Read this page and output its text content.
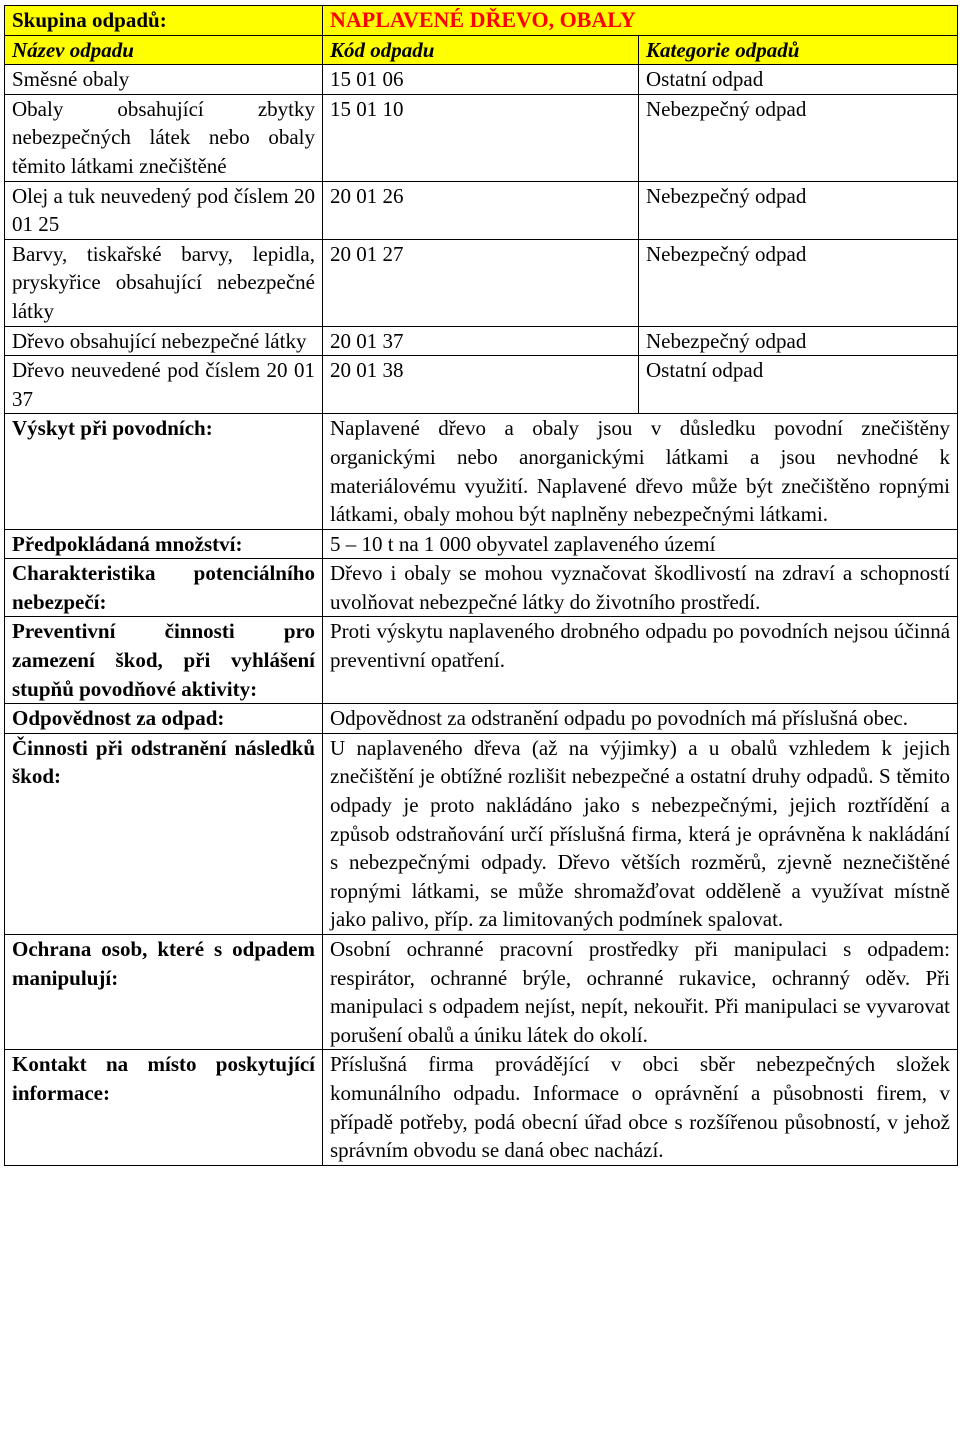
Skupina odpadů:	NAPLAVENÉ DŘEVO, OBALY	
Název odpadu	Kód odpadu	Kategorie odpadů
Směsné obaly	15 01 06	Ostatní odpad
Obaly obsahující zbytky nebezpečných látek nebo obaly těmito látkami znečištěné	15 01 10	Nebezpečný odpad
Olej a tuk neuvedený pod číslem 20 01 25	20 01 26	Nebezpečný odpad
Barvy, tiskařské barvy, lepidla, pryskyřice obsahující nebezpečné látky	20 01 27	Nebezpečný odpad
Dřevo obsahující nebezpečné látky	20 01 37	Nebezpečný odpad
Dřevo neuvedené pod číslem 20 01 37	20 01 38	Ostatní odpad
Výskyt při povodních:	Naplavené dřevo a obaly jsou v důsledku povodní znečištěny organickými nebo anorganickými látkami a jsou nevhodné k materiálovému využití. Naplavené dřevo může být znečištěno ropnými látkami, obaly mohou být naplněny nebezpečnými látkami.	
Předpokládaná množství:	5 – 10 t na 1 000 obyvatel zaplaveného území	
Charakteristika potenciálního nebezpečí:	Dřevo i obaly se mohou vyznačovat škodlivostí na zdraví a schopností uvolňovat nebezpečné látky do životního prostředí.	
Preventivní činnosti pro zamezení škod, při vyhlášení stupňů povodňové aktivity:	Proti výskytu naplaveného drobného odpadu po povodních nejsou účinná preventivní opatření.	
Odpovědnost za odpad:	Odpovědnost za odstranění odpadu po povodních má příslušná obec.	
Činnosti při odstranění následků škod:	U naplaveného dřeva (až na výjimky) a u obalů vzhledem k jejich znečištění je obtížné rozlišit nebezpečné a ostatní druhy odpadů. S těmito odpady je proto nakládáno jako s nebezpečnými, jejich roztřídění a způsob odstraňování určí příslušná firma, která je oprávněna k nakládání s nebezpečnými odpady. Dřevo větších rozměrů, zjevně neznečištěné ropnými látkami, se může shromažďovat odděleně a využívat místně jako palivo, příp. za limitovaných podmínek spalovat.	
Ochrana osob, které s odpadem manipulují:	Osobní ochranné pracovní prostředky při manipulaci s odpadem: respirátor, ochranné brýle, ochranné rukavice, ochranný oděv. Při manipulaci s odpadem nejíst, nepít, nekouřit. Při manipulaci se vyvarovat porušení obalů a úniku látek do okolí.	
Kontakt na místo poskytující informace:	Příslušná firma provádějící v obci sběr nebezpečných složek komunálního odpadu. Informace o oprávnění a působnosti firem, v případě potřeby, podá obecní úřad obce s rozšířenou působností, v jehož správním obvodu se daná obec nachází.	
